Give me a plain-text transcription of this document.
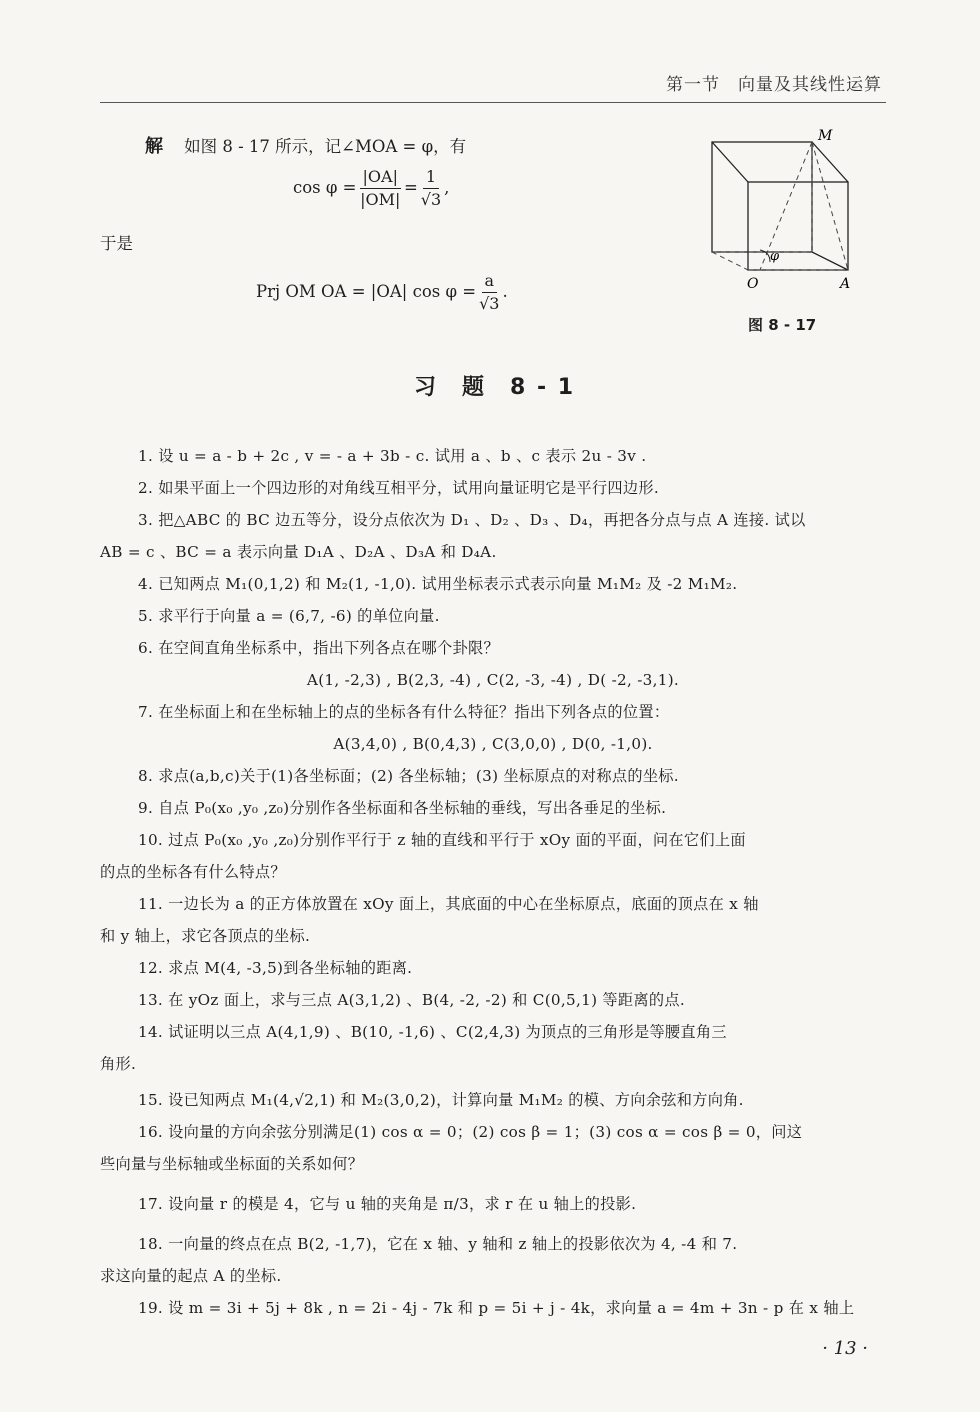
第一节　向量及其线性运算
解 如图 8 - 17 所示，记∠MOA = φ，有
$\cos \varphi = \frac{|OA|}{|OM|} = \frac{1}{√3}$ ,
于是
Prj OM OA = |OA| $\cos \varphi = \frac{a}{√3}$ .
M
O	A
φ
图 8 - 17
习　题　8 - 1
1. 设 u = a - b + 2c , v = - a + 3b - c. 试用 a 、b 、c 表示 2u - 3v .
2. 如果平面上一个四边形的对角线互相平分，试用向量证明它是平行四边形.
3. 把△ABC 的 BC 边五等分，设分点依次为 D₁ 、D₂ 、D₃ 、D₄，再把各分点与点 A 连接. 试以
AB = c 、BC = a 表示向量 D₁A 、D₂A 、D₃A 和 D₄A.
4. 已知两点 M₁(0,1,2) 和 M₂(1, -1,0). 试用坐标表示式表示向量 M₁M₂ 及 -2 M₁M₂.
5. 求平行于向量 a = (6,7, -6) 的单位向量.
6. 在空间直角坐标系中，指出下列各点在哪个卦限？
A(1, -2,3) , B(2,3, -4) , C(2, -3, -4) , D( -2, -3,1).
7. 在坐标面上和在坐标轴上的点的坐标各有什么特征？指出下列各点的位置：
A(3,4,0) , B(0,4,3) , C(3,0,0) , D(0, -1,0).
8. 求点(a,b,c)关于(1)各坐标面；(2) 各坐标轴；(3) 坐标原点的对称点的坐标.
9. 自点 P₀(x₀ ,y₀ ,z₀)分别作各坐标面和各坐标轴的垂线，写出各垂足的坐标.
10. 过点 P₀(x₀ ,y₀ ,z₀)分别作平行于 z 轴的直线和平行于 xOy 面的平面，问在它们上面
的点的坐标各有什么特点？
11. 一边长为 a 的正方体放置在 xOy 面上，其底面的中心在坐标原点，底面的顶点在 x 轴
和 y 轴上，求它各顶点的坐标.
12. 求点 M(4, -3,5)到各坐标轴的距离.
13. 在 yOz 面上，求与三点 A(3,1,2) 、B(4, -2, -2) 和 C(0,5,1) 等距离的点.
14. 试证明以三点 A(4,1,9) 、B(10, -1,6) 、C(2,4,3) 为顶点的三角形是等腰直角三
角形.
15. 设已知两点 M₁(4,√2,1) 和 M₂(3,0,2)，计算向量 M₁M₂ 的模、方向余弦和方向角.
16. 设向量的方向余弦分别满足(1) cos α = 0；(2) cos β = 1；(3) cos α = cos β = 0，问这
些向量与坐标轴或坐标面的关系如何？
17. 设向量 r 的模是 4，它与 u 轴的夹角是 π/3，求 r 在 u 轴上的投影.
18. 一向量的终点在点 B(2, -1,7)，它在 x 轴、y 轴和 z 轴上的投影依次为 4, -4 和 7.
求这向量的起点 A 的坐标.
19. 设 m = 3i + 5j + 8k , n = 2i - 4j - 7k 和 p = 5i + j - 4k，求向量 a = 4m + 3n - p 在 x 轴上
· 13 ·
